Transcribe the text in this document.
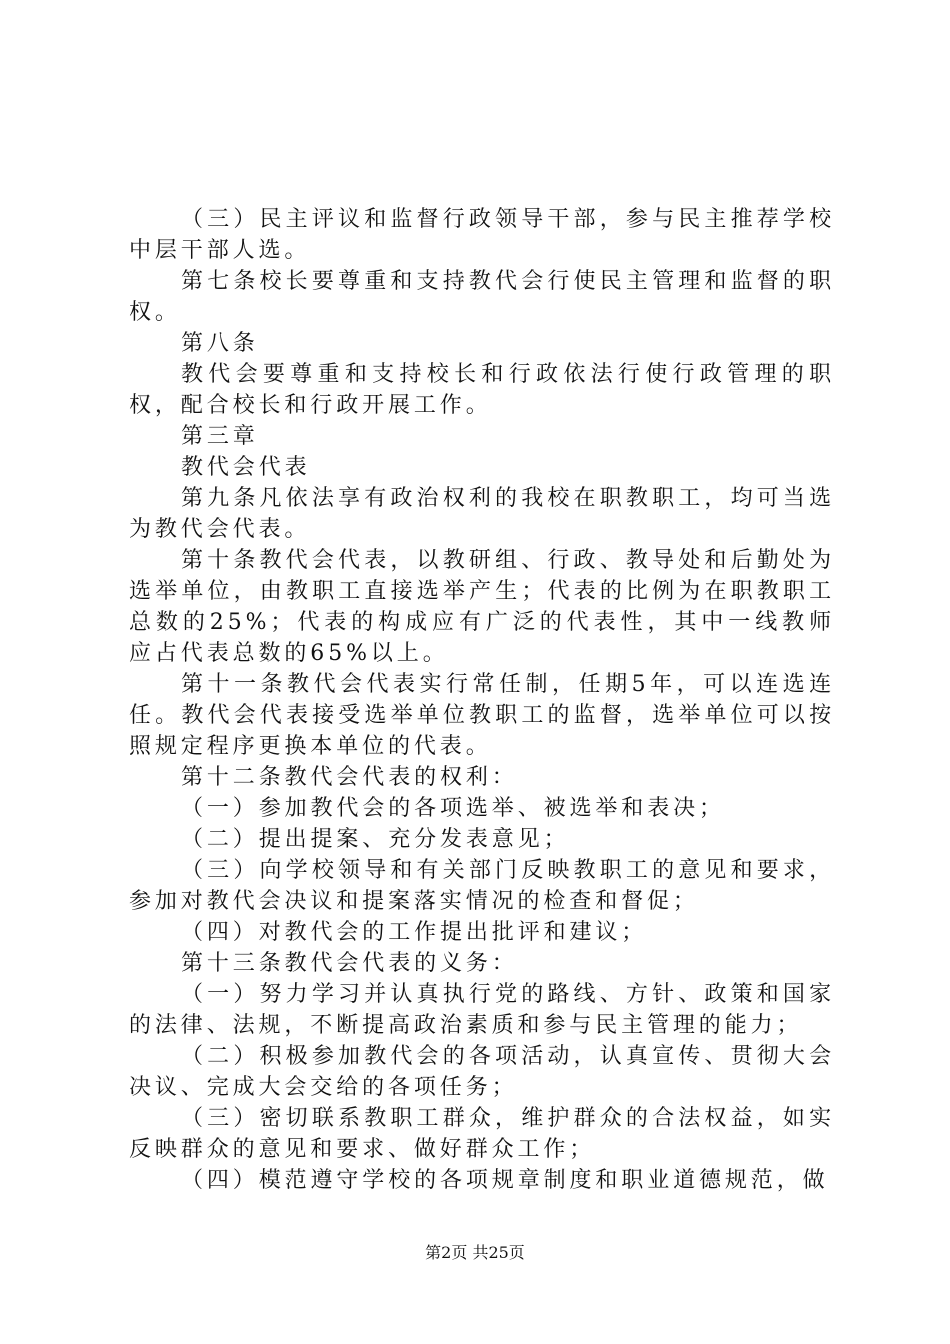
（三）民主评议和监督行政领导干部，参与民主推荐学校中层干部人选。

第七条校长要尊重和支持教代会行使民主管理和监督的职权。

第八条

教代会要尊重和支持校长和行政依法行使行政管理的职权，配合校长和行政开展工作。

第三章

教代会代表

第九条凡依法享有政治权利的我校在职教职工，均可当选为教代会代表。

第十条教代会代表，以教研组、行政、教导处和后勤处为选举单位，由教职工直接选举产生；代表的比例为在职教职工总数的25%；代表的构成应有广泛的代表性，其中一线教师应占代表总数的65%以上。

第十一条教代会代表实行常任制，任期5年，可以连选连任。教代会代表接受选举单位教职工的监督，选举单位可以按照规定程序更换本单位的代表。

第十二条教代会代表的权利：

（一）参加教代会的各项选举、被选举和表决；

（二）提出提案、充分发表意见；

（三）向学校领导和有关部门反映教职工的意见和要求，参加对教代会决议和提案落实情况的检查和督促；

（四）对教代会的工作提出批评和建议；

第十三条教代会代表的义务：

（一）努力学习并认真执行党的路线、方针、政策和国家的法律、法规，不断提高政治素质和参与民主管理的能力；

（二）积极参加教代会的各项活动，认真宣传、贯彻大会决议、完成大会交给的各项任务；

（三）密切联系教职工群众，维护群众的合法权益，如实反映群众的意见和要求、做好群众工作；

（四）模范遵守学校的各项规章制度和职业道德规范，做

第2页 共25页
